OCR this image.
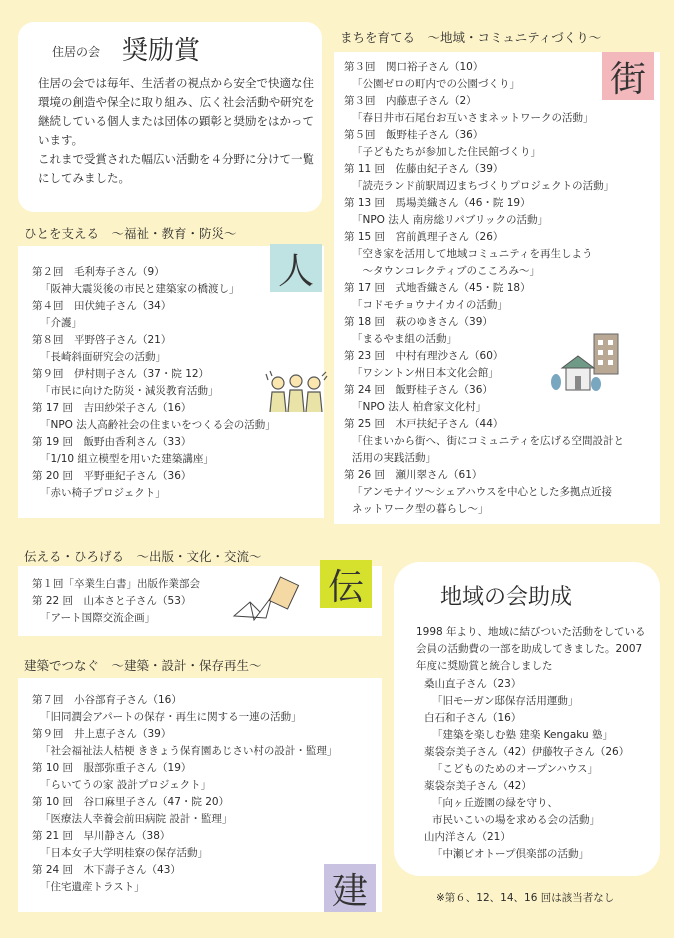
住居の会 奨励賞
住居の会では毎年、生活者の視点から安全で快適な住環境の創造や保全に取り組み、広く社会活動や研究を継続している個人または団体の顕彰と奨励をはかっています。
これまで受賞された幅広い活動を４分野に分けて一覧にしてみました。
ひとを支える　～福祉・教育・防災～
第２回　毛利寿子さん（9）
「阪神大震災後の市民と建築家の橋渡し」
第４回　田伏純子さん（34）
「介護」
第８回　平野啓子さん（21）
「長崎斜面研究会の活動」
第９回　伊村則子さん（37・院 12）
「市民に向けた防災・減災教育活動」
第 17 回　吉田紗栄子さん（16）
「NPO 法人高齢社会の住まいをつくる会の活動」
第 19 回　飯野由香利さん（33）
「1/10 組立模型を用いた建築講座」
第 20 回　平野亜紀子さん（36）
「赤い椅子プロジェクト」
人
まちを育てる　～地域・コミュニティづくり～
第３回　関口裕子さん（10）
「公園ゼロの町内での公園づくり」
第３回　内藤恵子さん（2）
「春日井市石尾台お互いさまネットワークの活動」
第５回　飯野桂子さん（36）
「子どもたちが参加した住民館づくり」
第 11 回　佐藤由紀子さん（39）
「読売ランド前駅周辺まちづくりプロジェクトの活動」
第 13 回　馬場美織さん（46・院 19）
「NPO 法人 南房総リパブリックの活動」
第 15 回　宮前眞理子さん（26）
「空き家を活用して地域コミュニティを再生しよう
　～タウンコレクティブのこころみ～」
第 17 回　式地香織さん（45・院 18）
「コドモチョウナイカイの活動」
第 18 回　萩のゆきさん（39）
「まるやま組の活動」
第 23 回　中村有理沙さん（60）
「ワシントン州日本文化会館」
第 24 回　飯野桂子さん（36）
「NPO 法人 柏倉家文化村」
第 25 回　木戸扶紀子さん（44）
「住まいから街へ、街にコミュニティを広げる空間設計と
活用の実践活動」
第 26 回　瀬川翠さん（61）
「アンモナイツ〜シェアハウスを中心とした多拠点近接
ネットワーク型の暮らし〜」
街
伝える・ひろげる　～出版・文化・交流～
第１回「卒業生白書」出版作業部会
第 22 回　山本さと子さん（53）
「アート国際交流企画」
伝
建築でつなぐ　～建築・設計・保存再生～
第７回　小谷部育子さん（16）
「旧同潤会アパートの保存・再生に関する一連の活動」
第９回　井上恵子さん（39）
「社会福祉法人桔梗 ききょう保育園あじさい村の設計・監理」
第 10 回　服部弥重子さん（19）
「らいてうの家 設計プロジェクト」
第 10 回　谷口麻里子さん（47・院 20）
「医療法人幸養会前田病院 設計・監理」
第 21 回　早川静さん（38）
「日本女子大学明桂寮の保存活動」
第 24 回　木下壽子さん（43）
「住宅遺産トラスト」	建
地域の会助成
1998 年より、地域に結びついた活動をしている会員の活動費の一部を助成してきました。2007 年度に奨励賞と統合しました
桑山直子さん（23）
「旧モーガン邸保存活用運動」
白石和子さん（16）
「建築を楽しむ塾 建楽 Kengaku 塾」
薬袋奈美子さん（42）伊藤牧子さん（26）
「こどものためのオープンハウス」
薬袋奈美子さん（42）
「向ヶ丘遊園の緑を守り、
市民いこいの場を求める会の活動」
山内洋さん（21）
「中瀬ビオトープ倶楽部の活動」
※第６、12、14、16 回は該当者なし
